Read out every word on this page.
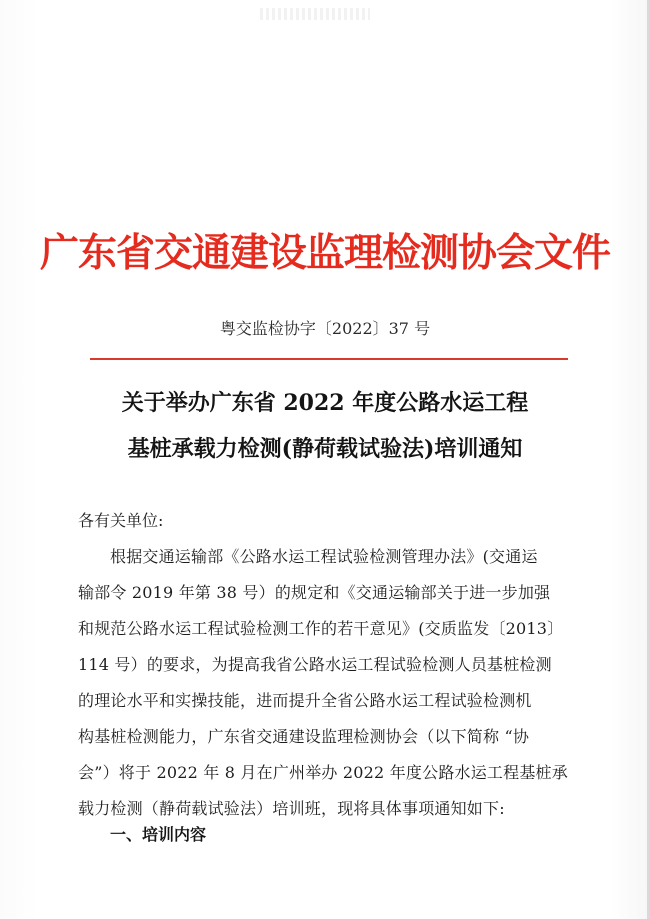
广东省交通建设监理检测协会文件
粤交监检协字〔2022〕37 号
关于举办广东省 2022 年度公路水运工程
基桩承载力检测(静荷载试验法)培训通知
各有关单位:
根据交通运输部《公路水运工程试验检测管理办法》(交通运
输部令 2019 年第 38 号）的规定和《交通运输部关于进一步加强
和规范公路水运工程试验检测工作的若干意见》(交质监发〔2013〕
114 号）的要求，为提高我省公路水运工程试验检测人员基桩检测
的理论水平和实操技能，进而提升全省公路水运工程试验检测机
构基桩检测能力，广东省交通建设监理检测协会（以下简称 “协
会”）将于 2022 年 8 月在广州举办 2022 年度公路水运工程基桩承
载力检测（静荷载试验法）培训班，现将具体事项通知如下:
一、培训内容
